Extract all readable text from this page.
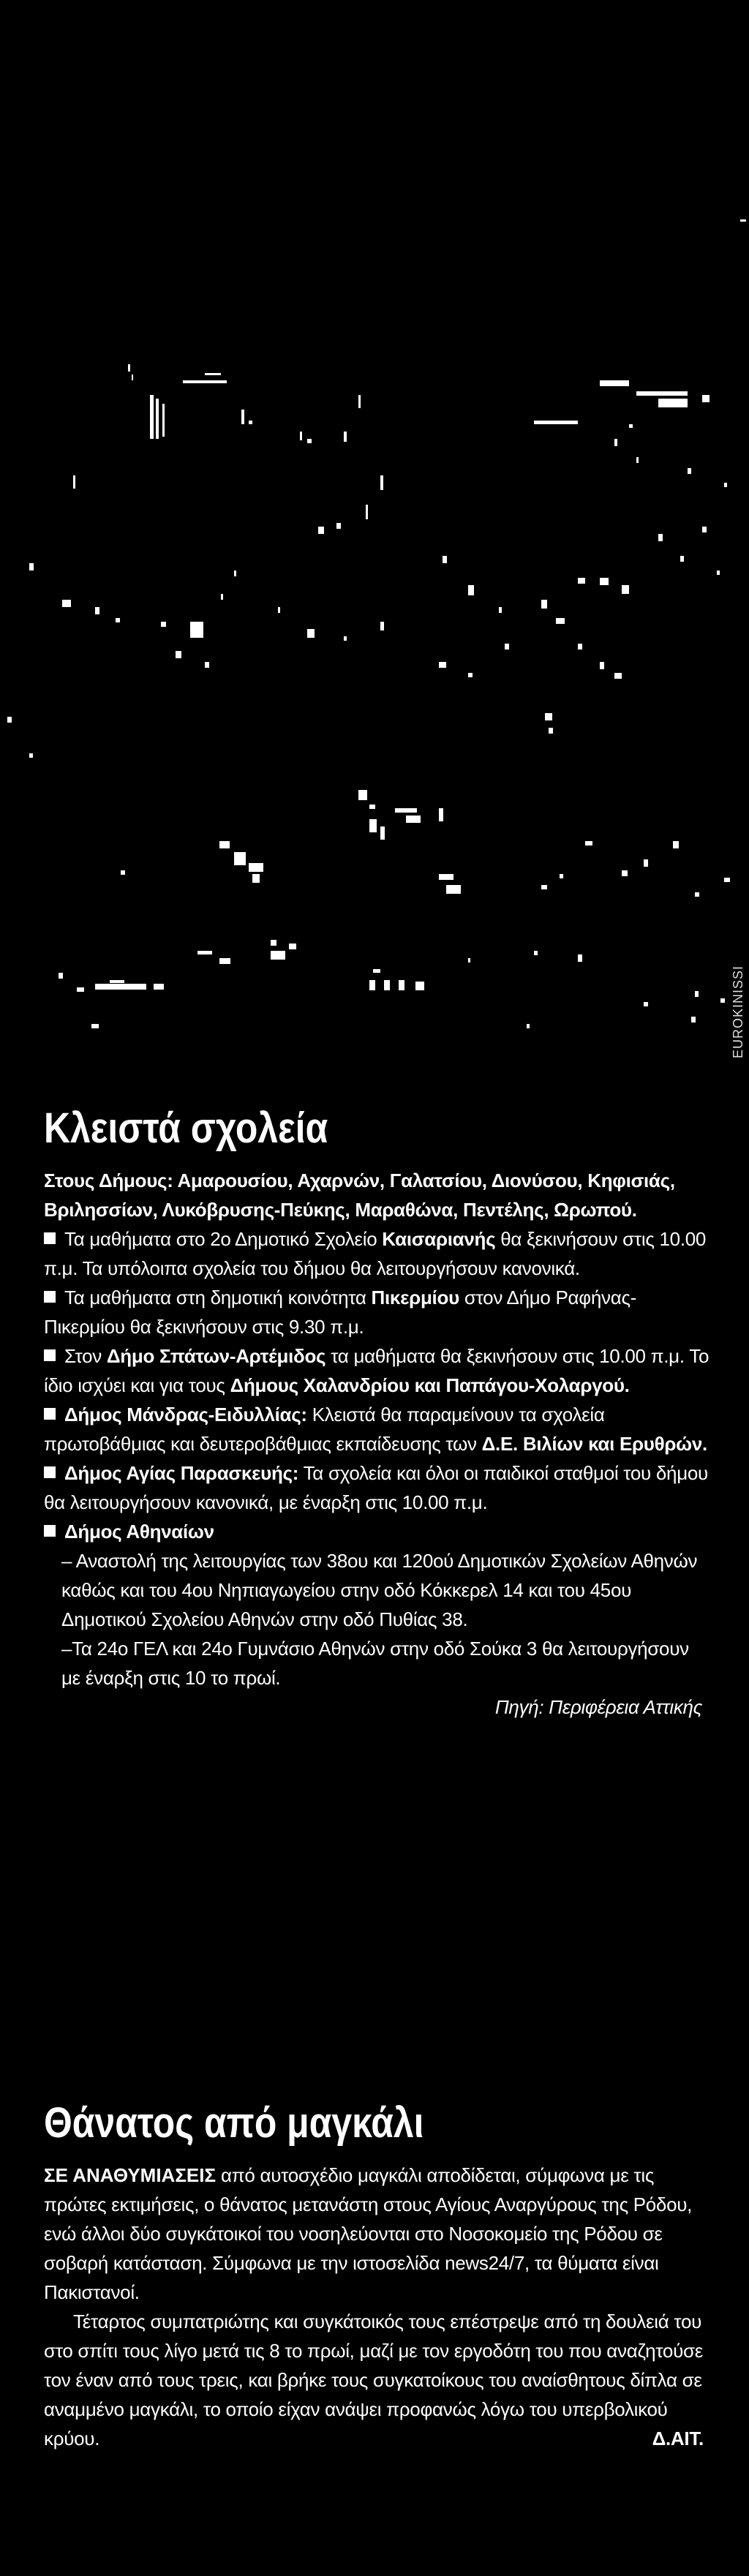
EUROKINISSI
Κλειστά σχολεία

Στους Δήμους: Αμαρουσίου, Αχαρνών, Γαλατσίου, Διονύσου, Κηφισιάς, Βριλησσίων, Λυκόβρυσης-Πεύκης, Μαραθώνα, Πεντέλης, Ωρωπού.

Τα μαθήματα στο 2ο Δημοτικό Σχολείο Καισαριανής θα ξεκινήσουν στις 10.00 π.μ. Τα υπόλοιπα σχολεία του δήμου θα λειτουργήσουν κανονικά.

Τα μαθήματα στη δημοτική κοινότητα Πικερμίου στον Δήμο Ραφήνας-Πικερμίου θα ξεκινήσουν στις 9.30 π.μ.

Στον Δήμο Σπάτων-Αρτέμιδος τα μαθήματα θα ξεκινήσουν στις 10.00 π.μ. Το ίδιο ισχύει και για τους Δήμους Χαλανδρίου και Παπάγου-Χολαργού.

Δήμος Μάνδρας-Ειδυλλίας: Κλειστά θα παραμείνουν τα σχολεία πρωτοβάθμιας και δευτεροβάθμιας εκπαίδευσης των Δ.Ε. Βιλίων και Ερυθρών.

Δήμος Αγίας Παρασκευής: Τα σχολεία και όλοι οι παιδικοί σταθμοί του δήμου θα λειτουργήσουν κανονικά, με έναρξη στις 10.00 π.μ.

Δήμος Αθηναίων

– Αναστολή της λειτουργίας των 38ου και 120ού Δημοτικών Σχολείων Αθηνών καθώς και του 4ου Νηπιαγωγείου στην οδό Κόκκερελ 14 και του 45ου Δημοτικού Σχολείου Αθηνών στην οδό Πυθίας 38.

–Τα 24ο ΓΕΛ και 24ο Γυμνάσιο Αθηνών στην οδό Σούκα 3 θα λειτουργήσουν με έναρξη στις 10 το πρωί.

Πηγή: Περιφέρεια Αττικής

Θάνατος από μαγκάλι

ΣΕ ΑΝΑΘΥΜΙΑΣΕΙΣ από αυτοσχέδιο μαγκάλι αποδίδεται, σύμφωνα με τις πρώτες εκτιμήσεις, ο θάνατος μετανάστη στους Αγίους Αναργύρους της Ρόδου, ενώ άλλοι δύο συγκάτοικοί του νοσηλεύονται στο Νοσοκομείο της Ρόδου σε σοβαρή κατάσταση. Σύμφωνα με την ιστοσελίδα news24/7, τα θύματα είναι Πακιστανοί.

Τέταρτος συμπατριώτης και συγκάτοικός τους επέστρεψε από τη δουλειά του στο σπίτι τους λίγο μετά τις 8 το πρωί, μαζί με τον εργοδότη του που αναζητούσε τον έναν από τους τρεις, και βρήκε τους συγκατοίκους του αναίσθητους δίπλα σε αναμμένο μαγκάλι, το οποίο είχαν ανάψει προφανώς λόγω του υπερβολικού κρύου.	Δ.ΑΙΤ.
